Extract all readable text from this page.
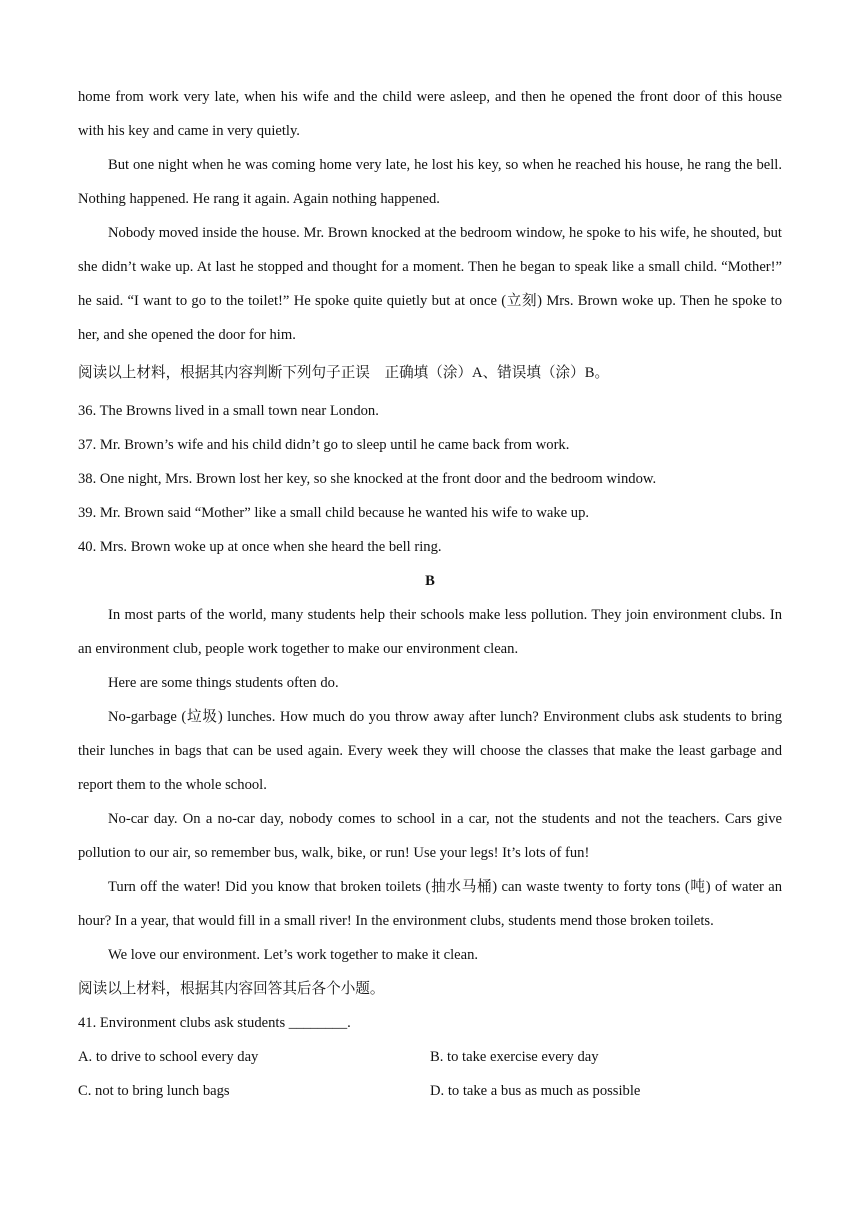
home from work very late, when his wife and the child were asleep, and then he opened the front door of this house with his key and came in very quietly.

But one night when he was coming home very late, he lost his key, so when he reached his house, he rang the bell. Nothing happened. He rang it again. Again nothing happened.

Nobody moved inside the house. Mr. Brown knocked at the bedroom window, he spoke to his wife, he shouted, but she didn’t wake up. At last he stopped and thought for a moment. Then he began to speak like a small child. “Mother!” he said. “I want to go to the toilet!” He spoke quite quietly but at once (立刻) Mrs. Brown woke up. Then he spoke to her, and she opened the door for him.

阅读以上材料，根据其内容判断下列句子正误　正确填（涂）A、错误填（涂）B。

36. The Browns lived in a small town near London.

37. Mr. Brown’s wife and his child didn’t go to sleep until he came back from work.

38. One night, Mrs. Brown lost her key, so she knocked at the front door and the bedroom window.

39. Mr. Brown said “Mother” like a small child because he wanted his wife to wake up.

40. Mrs. Brown woke up at once when she heard the bell ring.

B

In most parts of the world, many students help their schools make less pollution. They join environment clubs. In an environment club, people work together to make our environment clean.

Here are some things students often do.

No-garbage (垃圾) lunches. How much do you throw away after lunch? Environment clubs ask students to bring their lunches in bags that can be used again. Every week they will choose the classes that make the least garbage and report them to the whole school.

No-car day. On a no-car day, nobody comes to school in a car, not the students and not the teachers. Cars give pollution to our air, so remember bus, walk, bike, or run! Use your legs! It’s lots of fun!

Turn off the water! Did you know that broken toilets (抽水马桶) can waste twenty to forty tons (吨) of water an hour? In a year, that would fill in a small river! In the environment clubs, students mend those broken toilets.

We love our environment. Let’s work together to make it clean.

阅读以上材料，根据其内容回答其后各个小题。

41. Environment clubs ask students ________.

A. to drive to school every day	B. to take exercise every day
C. not to bring lunch bags	D. to take a bus as much as possible
